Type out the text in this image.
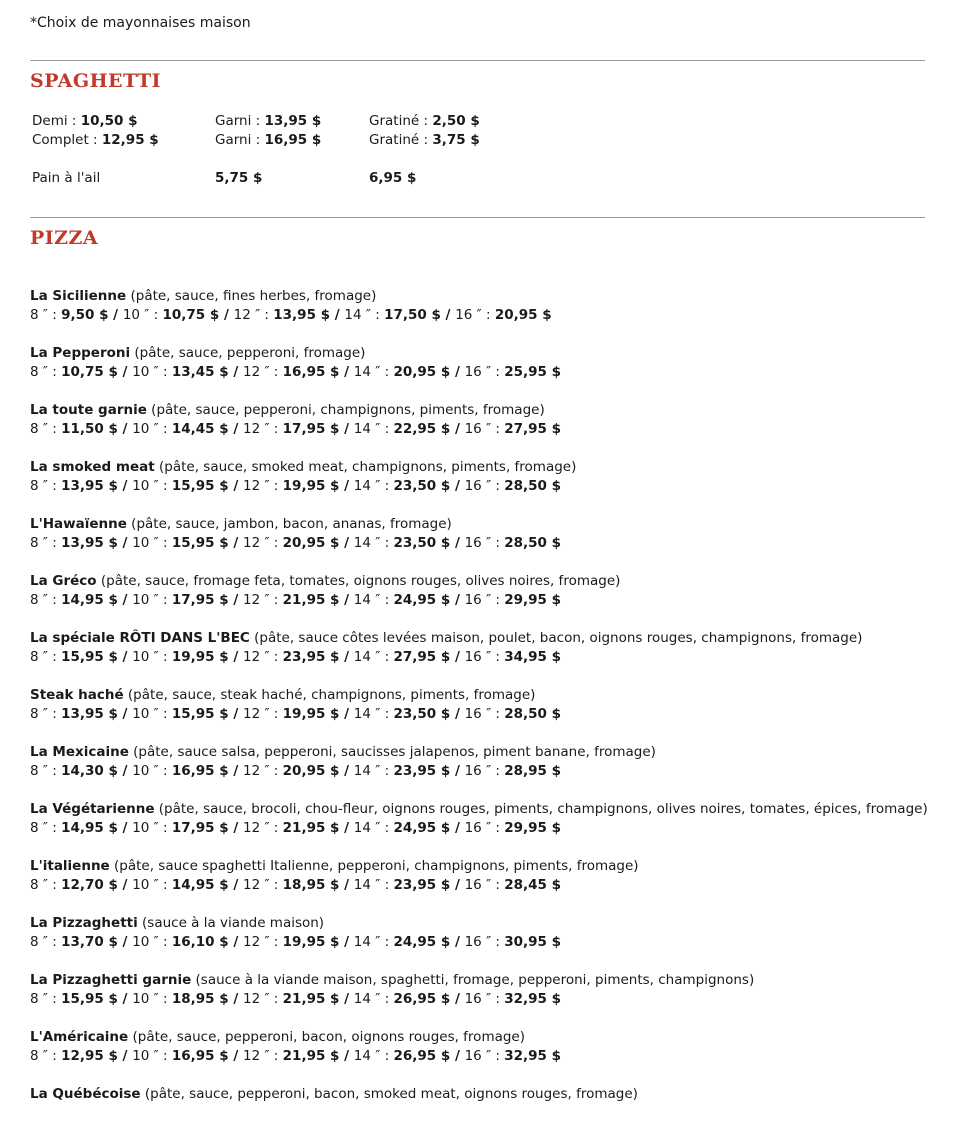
*Choix de mayonnaises maison
SPAGHETTI
Demi : 10,50 $	Garni : 13,95 $	Gratiné : 2,50 $
Complet : 12,95 $	Garni : 16,95 $	Gratiné : 3,75 $
Pain à l'ail	5,75 $	6,95 $
PIZZA
La Sicilienne (pâte, sauce, fines herbes, fromage)
8 ″ : 9,50 $ / 10 ″ : 10,75 $ / 12 ″ : 13,95 $ / 14 ″ : 17,50 $ / 16 ″ : 20,95 $
La Pepperoni (pâte, sauce, pepperoni, fromage)
8 ″ : 10,75 $ / 10 ″ : 13,45 $ / 12 ″ : 16,95 $ / 14 ″ : 20,95 $ / 16 ″ : 25,95 $
La toute garnie (pâte, sauce, pepperoni, champignons, piments, fromage)
8 ″ : 11,50 $ / 10 ″ : 14,45 $ / 12 ″ : 17,95 $ / 14 ″ : 22,95 $ / 16 ″ : 27,95 $
La smoked meat (pâte, sauce, smoked meat, champignons, piments, fromage)
8 ″ : 13,95 $ / 10 ″ : 15,95 $ / 12 ″ : 19,95 $ / 14 ″ : 23,50 $ / 16 ″ : 28,50 $
L'Hawaïenne (pâte, sauce, jambon, bacon, ananas, fromage)
8 ″ : 13,95 $ / 10 ″ : 15,95 $ / 12 ″ : 20,95 $ / 14 ″ : 23,50 $ / 16 ″ : 28,50 $
La Gréco (pâte, sauce, fromage feta, tomates, oignons rouges, olives noires, fromage)
8 ″ : 14,95 $ / 10 ″ : 17,95 $ / 12 ″ : 21,95 $ / 14 ″ : 24,95 $ / 16 ″ : 29,95 $
La spéciale RÔTI DANS L'BEC (pâte, sauce côtes levées maison, poulet, bacon, oignons rouges, champignons, fromage)
8 ″ : 15,95 $ / 10 ″ : 19,95 $ / 12 ″ : 23,95 $ / 14 ″ : 27,95 $ / 16 ″ : 34,95 $
Steak haché (pâte, sauce, steak haché, champignons, piments, fromage)
8 ″ : 13,95 $ / 10 ″ : 15,95 $ / 12 ″ : 19,95 $ / 14 ″ : 23,50 $ / 16 ″ : 28,50 $
La Mexicaine (pâte, sauce salsa, pepperoni, saucisses jalapenos, piment banane, fromage)
8 ″ : 14,30 $ / 10 ″ : 16,95 $ / 12 ″ : 20,95 $ / 14 ″ : 23,95 $ / 16 ″ : 28,95 $
La Végétarienne (pâte, sauce, brocoli, chou-fleur, oignons rouges, piments, champignons, olives noires, tomates, épices, fromage)
8 ″ : 14,95 $ / 10 ″ : 17,95 $ / 12 ″ : 21,95 $ / 14 ″ : 24,95 $ / 16 ″ : 29,95 $
L'italienne (pâte, sauce spaghetti Italienne, pepperoni, champignons, piments, fromage)
8 ″ : 12,70 $ / 10 ″ : 14,95 $ / 12 ″ : 18,95 $ / 14 ″ : 23,95 $ / 16 ″ : 28,45 $
La Pizzaghetti (sauce à la viande maison)
8 ″ : 13,70 $ / 10 ″ : 16,10 $ / 12 ″ : 19,95 $ / 14 ″ : 24,95 $ / 16 ″ : 30,95 $
La Pizzaghetti garnie (sauce à la viande maison, spaghetti, fromage, pepperoni, piments, champignons)
8 ″ : 15,95 $ / 10 ″ : 18,95 $ / 12 ″ : 21,95 $ / 14 ″ : 26,95 $ / 16 ″ : 32,95 $
L'Américaine (pâte, sauce, pepperoni, bacon, oignons rouges, fromage)
8 ″ : 12,95 $ / 10 ″ : 16,95 $ / 12 ″ : 21,95 $ / 14 ″ : 26,95 $ / 16 ″ : 32,95 $
La Québécoise (pâte, sauce, pepperoni, bacon, smoked meat, oignons rouges, fromage)
